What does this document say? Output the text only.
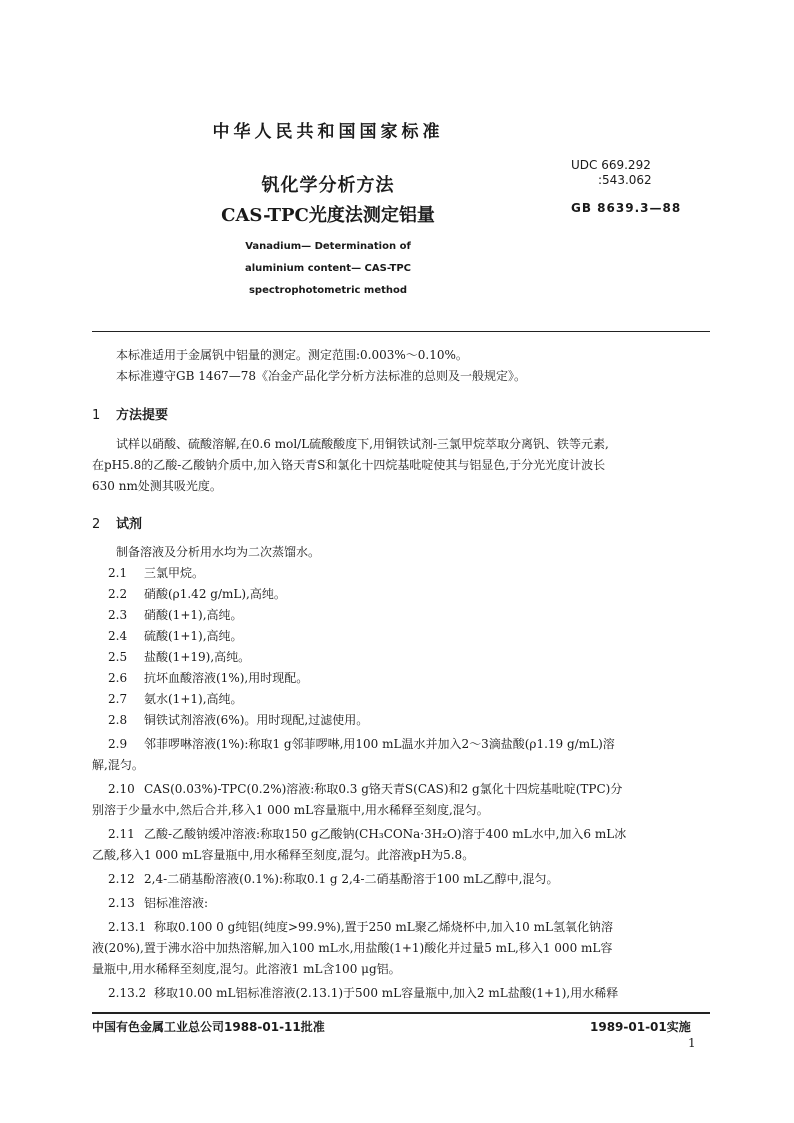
中华人民共和国国家标准
钒化学分析方法
CAS-TPC光度法测定铝量
UDC 669.292
:543.062
GB 8639.3—88
Vanadium— Determination of
aluminium content— CAS-TPC
spectrophotometric method
本标准适用于金属钒中铝量的测定。测定范围:0.003%～0.10%。
本标准遵守GB 1467—78《冶金产品化学分析方法标准的总则及一般规定》。
1 方法提要
试样以硝酸、硫酸溶解,在0.6 mol/L硫酸酸度下,用铜铁试剂-三氯甲烷萃取分离钒、铁等元素,
在pH5.8的乙酸-乙酸钠介质中,加入铬天青S和氯化十四烷基吡啶使其与铝显色,于分光光度计波长
630 nm处测其吸光度。
2 试剂
制备溶液及分析用水均为二次蒸馏水。
2.1 三氯甲烷。
2.2 硝酸(ρ1.42 g/mL),高纯。
2.3 硝酸(1+1),高纯。
2.4 硫酸(1+1),高纯。
2.5 盐酸(1+19),高纯。
2.6 抗坏血酸溶液(1%),用时现配。
2.7 氨水(1+1),高纯。
2.8 铜铁试剂溶液(6%)。用时现配,过滤使用。
2.9 邻菲啰啉溶液(1%):称取1 g邻菲啰啉,用100 mL温水并加入2～3滴盐酸(ρ1.19 g/mL)溶
解,混匀。
2.10 CAS(0.03%)-TPC(0.2%)溶液:称取0.3 g铬天青S(CAS)和2 g氯化十四烷基吡啶(TPC)分
别溶于少量水中,然后合并,移入1 000 mL容量瓶中,用水稀释至刻度,混匀。
2.11 乙酸-乙酸钠缓冲溶液:称取150 g乙酸钠(CH₃CONa·3H₂O)溶于400 mL水中,加入6 mL冰
乙酸,移入1 000 mL容量瓶中,用水稀释至刻度,混匀。此溶液pH为5.8。
2.12 2,4-二硝基酚溶液(0.1%):称取0.1 g 2,4-二硝基酚溶于100 mL乙醇中,混匀。
2.13 铝标准溶液:
2.13.1 称取0.100 0 g纯铝(纯度>99.9%),置于250 mL聚乙烯烧杯中,加入10 mL氢氧化钠溶
液(20%),置于沸水浴中加热溶解,加入100 mL水,用盐酸(1+1)酸化并过量5 mL,移入1 000 mL容
量瓶中,用水稀释至刻度,混匀。此溶液1 mL含100 μg铝。
2.13.2 移取10.00 mL铝标准溶液(2.13.1)于500 mL容量瓶中,加入2 mL盐酸(1+1),用水稀释
中国有色金属工业总公司1988-01-11批准	1989-01-01实施
1
